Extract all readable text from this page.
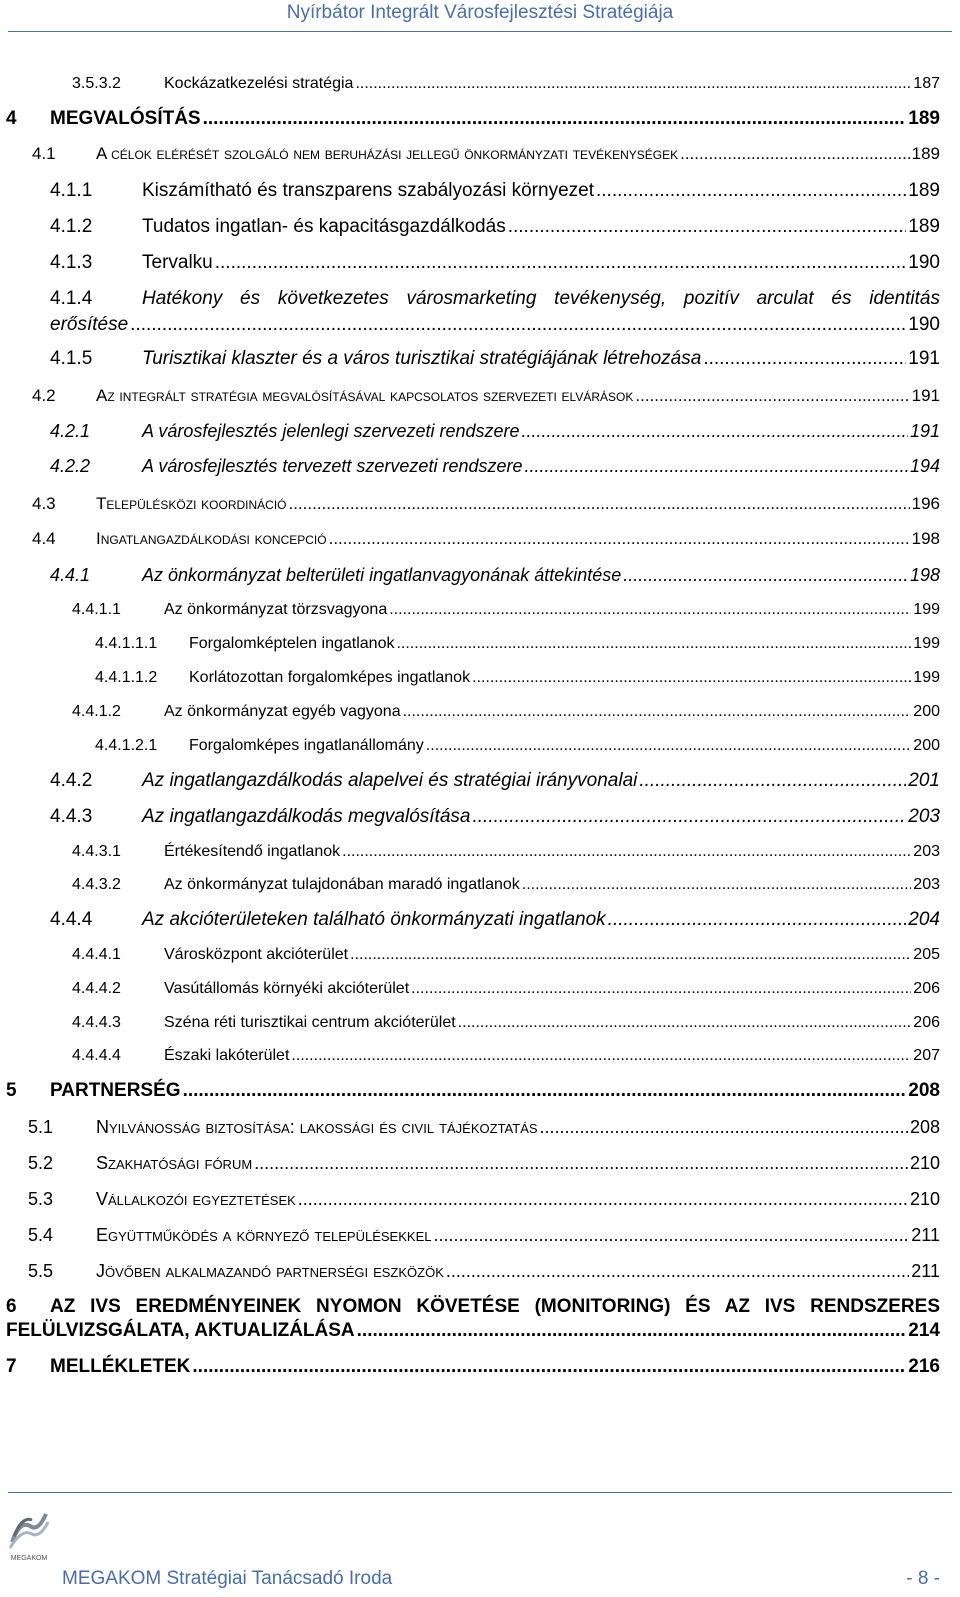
Nyírbátor Integrált Városfejlesztési Stratégiája
3.5.3.2	Kockázatkezelési stratégia .....	187
4 MEGVALÓSÍTÁS .....	189
4.1 A célok elérését szolgáló nem beruházási jellegű önkormányzati tevékenységek .....	189
4.1.1	Kiszámítható és transzparens szabályozási környezet .....	189
4.1.2	Tudatos ingatlan- és kapacitásgazdálkodás .....	189
4.1.3	Tervalku .....	190
4.1.4	Hatékony és következetes városmarketing tevékenység, pozitív arculat és identitás
erősítése .....	190
4.1.5	Turisztikai klaszter és a város turisztikai stratégiájának létrehozása .....	191
4.2 Az integrált stratégia megvalósításával kapcsolatos szervezeti elvárások .....	191
4.2.1	A városfejlesztés jelenlegi szervezeti rendszere .....	191
4.2.2	A városfejlesztés tervezett szervezeti rendszere .....	194
4.3 Településközi koordináció .....	196
4.4 Ingatlangazdálkodási koncepció .....	198
4.4.1	Az önkormányzat belterületi ingatlanvagyonának áttekintése .....	198
4.4.1.1	Az önkormányzat törzsvagyona .....	199
4.4.1.1.1 Forgalomképtelen ingatlanok .....	199
4.4.1.1.2 Korlátozottan forgalomképes ingatlanok .....	199
4.4.1.2	Az önkormányzat egyéb vagyona .....	200
4.4.1.2.1 Forgalomképes ingatlanállomány .....	200
4.4.2	Az ingatlangazdálkodás alapelvei és stratégiai irányvonalai .....	201
4.4.3	Az ingatlangazdálkodás megvalósítása .....	203
4.4.3.1	Értékesítendő ingatlanok .....	203
4.4.3.2	Az önkormányzat tulajdonában maradó ingatlanok .....	203
4.4.4	Az akcióterületeken található önkormányzati ingatlanok .....	204
4.4.4.1	Városközpont akcióterület .....	205
4.4.4.2	Vasútállomás környéki akcióterület .....	206
4.4.4.3	Széna réti turisztikai centrum akcióterület .....	206
4.4.4.4	Északi lakóterület .....	207
5 PARTNERSÉG .....	208
5.1 Nyilvánosság biztosítása: lakossági és civil tájékoztatás .....	208
5.2 Szakhatósági fórum .....	210
5.3 Vállalkozói egyeztetések .....	210
5.4 Együttműködés a környező településekkel .....	211
5.5 Jövőben alkalmazandó partnerségi eszközök .....	211
6 AZ IVS EREDMÉNYEINEK NYOMON KÖVETÉSE (MONITORING) ÉS AZ IVS RENDSZERES
FELÜLVIZSGÁLATA, AKTUALIZÁLÁSA .....	214
7 MELLÉKLETEK .....	216
MEGAKOM
MEGAKOM Stratégiai Tanácsadó Iroda	- 8 -
